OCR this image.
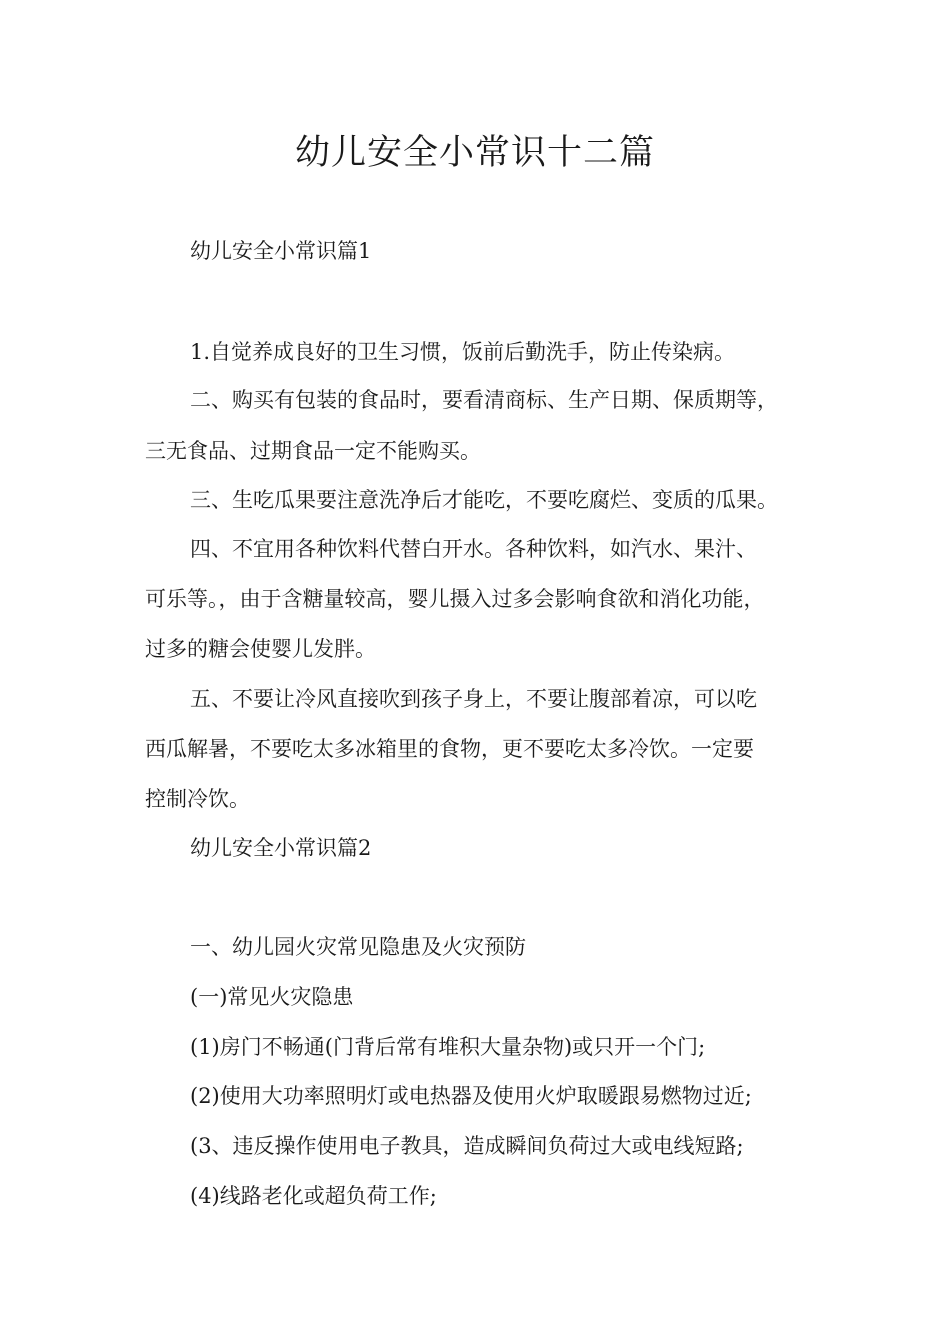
幼儿安全小常识十二篇

幼儿安全小常识篇1

1.自觉养成良好的卫生习惯，饭前后勤洗手，防止传染病。

二、购买有包装的食品时，要看清商标、生产日期、保质期等，

三无食品、过期食品一定不能购买。

三、生吃瓜果要注意洗净后才能吃，不要吃腐烂、变质的瓜果。

四、不宜用各种饮料代替白开水。各种饮料，如汽水、果汁、

可乐等。，由于含糖量较高，婴儿摄入过多会影响食欲和消化功能，

过多的糖会使婴儿发胖。

五、不要让冷风直接吹到孩子身上，不要让腹部着凉，可以吃

西瓜解暑，不要吃太多冰箱里的食物，更不要吃太多冷饮。一定要

控制冷饮。

幼儿安全小常识篇2

一、幼儿园火灾常见隐患及火灾预防

(一)常见火灾隐患

(1)房门不畅通(门背后常有堆积大量杂物)或只开一个门;

(2)使用大功率照明灯或电热器及使用火炉取暖跟易燃物过近;

(3、违反操作使用电子教具，造成瞬间负荷过大或电线短路;

(4)线路老化或超负荷工作;
